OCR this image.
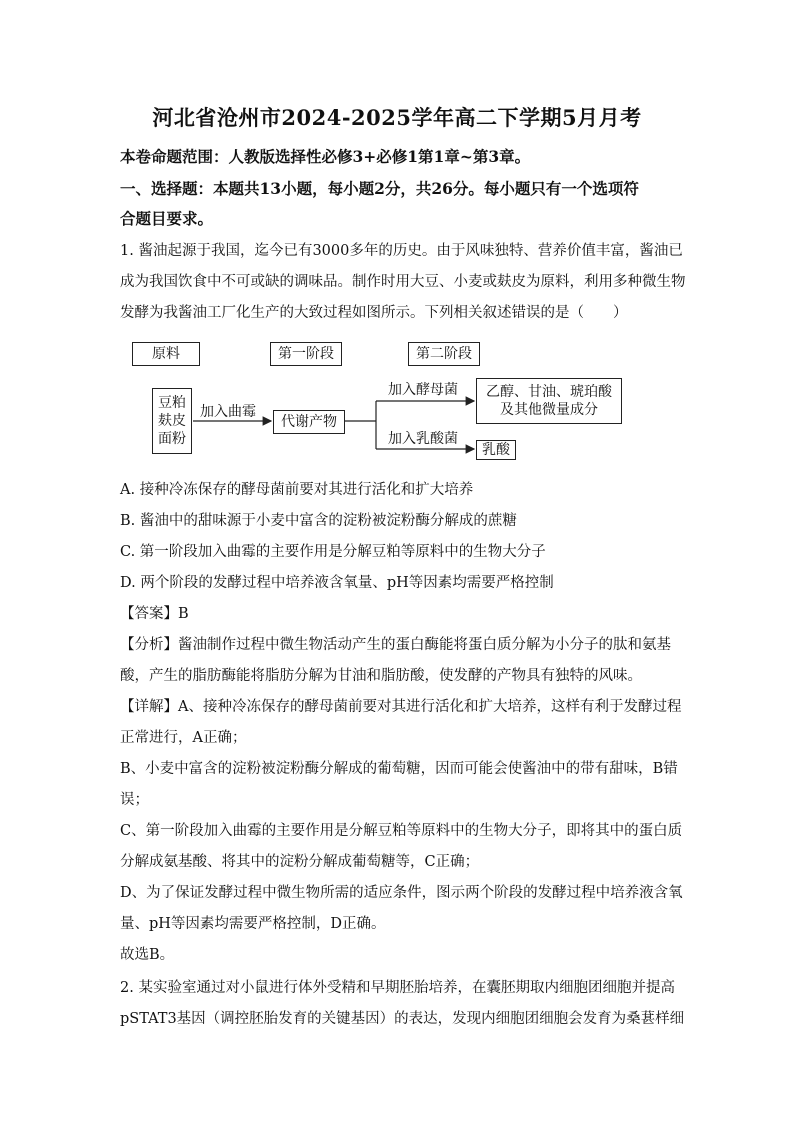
河北省沧州市2024-2025学年高二下学期5月月考
本卷命题范围：人教版选择性必修3+必修1第1章~第3章。
一、选择题：本题共13小题，每小题2分，共26分。每小题只有一个选项符
合题目要求。
1. 酱油起源于我国，迄今已有3000多年的历史。由于风味独特、营养价值丰富，酱油已
成为我国饮食中不可或缺的调味品。制作时用大豆、小麦或麸皮为原料，利用多种微生物
发酵为我酱油工厂化生产的大致过程如图所示。下列相关叙述错误的是（　　）
原料	第一阶段	第二阶段
豆粕
麸皮
面粉
加入曲霉
代谢产物
加入酵母菌	乙醇、甘油、琥珀酸
及其他微量成分
加入乳酸菌
乳酸
A. 接种冷冻保存的酵母菌前要对其进行活化和扩大培养
B. 酱油中的甜味源于小麦中富含的淀粉被淀粉酶分解成的蔗糖
C. 第一阶段加入曲霉的主要作用是分解豆粕等原料中的生物大分子
D. 两个阶段的发酵过程中培养液含氧量、pH等因素均需要严格控制
【答案】B
【分析】酱油制作过程中微生物活动产生的蛋白酶能将蛋白质分解为小分子的肽和氨基
酸，产生的脂肪酶能将脂肪分解为甘油和脂肪酸，使发酵的产物具有独特的风味。
【详解】A、接种冷冻保存的酵母菌前要对其进行活化和扩大培养，这样有利于发酵过程
正常进行，A正确；
B、小麦中富含的淀粉被淀粉酶分解成的葡萄糖，因而可能会使酱油中的带有甜味，B错
误；
C、第一阶段加入曲霉的主要作用是分解豆粕等原料中的生物大分子，即将其中的蛋白质
分解成氨基酸、将其中的淀粉分解成葡萄糖等，C正确；
D、为了保证发酵过程中微生物所需的适应条件，图示两个阶段的发酵过程中培养液含氧
量、pH等因素均需要严格控制，D正确。
故选B。
2. 某实验室通过对小鼠进行体外受精和早期胚胎培养，在囊胚期取内细胞团细胞并提高
pSTAT3基因（调控胚胎发育的关键基因）的表达，发现内细胞团细胞会发育为桑葚样细
